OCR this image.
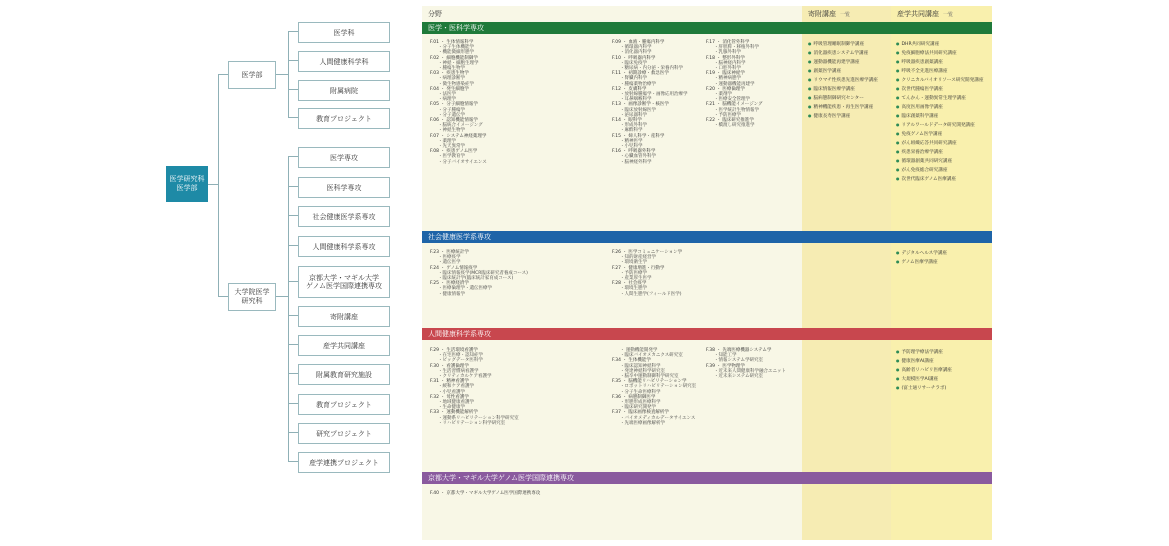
医学研究科
医学部
医学部
大学院医学
研究科
医学科
人間健康科学科
附属病院
教育プロジェクト
医学専攻
医科学専攻
社会健康医学系専攻
人間健康科学系専攻
京都大学・マギル大学
ゲノム医学国際連携専攻
寄附講座
産学共同講座
附属教育研究施設
教育プロジェクト
研究プロジェクト
産学連携プロジェクト
分野	寄附講座 一覧	産学共同講座 一覧
医学・医科学専攻
社会健康医学系専攻
人間健康科学系専攻
京都大学・マギル大学ゲノム医学国際連携専攻
F.01 ・ 生体情報科学
・分子生体機能学
・機能微細形態学
F.02 ・ 細胞機能制御学
・神経・細胞生理学
・腫瘍生物学
F.03 ・ 疾患生物学
・病理診断学
・微生物感染症学
F.04 ・ 発生細胞学
・法医学
・病理学
F.05 ・ 分子細胞情報学
・分子腫瘍学
・分子遺伝学
F.06 ・ 認知機能情報学
・脳統合イメージング
・神経生物学
F.07 ・ システム神経薬理学
・薬理学
・先天異常学
F.08 ・ 疾患ゲノム医学
・医学教育学
・分子バイオサイエンス
F.09 ・ 血液・腫瘍内科学
・循環器内科学
・消化器内科学
F.10 ・ 呼吸器内科学
・臨床免疫学
・糖尿病・内分泌・栄養内科学
F.11 ・ 初期診療・救急医学
・腎臓内科学
・腫瘍薬物治療学
F.12 ・ 皮膚科学
・放射線腫瘍学・画像応用治療学
・耳鼻咽喉科学
F.13 ・ 画像診断学・核医学
・臨床放射線医学
・泌尿器科学
F.14 ・ 眼科学
・形成外科学
・麻酔科学
F.15 ・ 婦人科学・産科学
・精神医学
・小児科学
F.16 ・ 呼吸器外科学
・心臓血管外科学
・脳神経外科学
F.17 ・ 消化管外科学
・肝胆膵・移植外科学
・乳腺外科学
F.18 ・ 整形外科学
・脳神経内科学
・口腔外科学
F.19 ・ 臨床神経学
・精神病態学
・運動器機能再建学
F.20 ・ 医療倫理学
・薬剤学
・医療安全管理学
F.21 ・ 脳機能イメージング
・医学統計生物情報学
・予防医療学
F.22 ・ 臨床研究推進学
・橋渡し研究推進学
● 呼吸管理睡眠制御学講座
● 消化器疾患システム学講座
● 運動器機能再建学講座
● 創薬医学講座
● リウマチ性疾患先進医療学講座
● 臨床情報医療学講座
● 脳病態制御研究センター
● 精神機能疾患・再生医学講座
● 健康長寿医学講座
● DHR共同研究講座
● 免疫細胞療法共同研究講座
● 呼吸器疾患創薬講座
● 呼吸不全先進医療講座
● クリニカルバイオリソース研究開発講座
● 次世代腫瘍医学講座
● てんかん・運動異常生理学講座
● 高度医用画像学講座
● 臨床創薬科学講座
● リアルワールドデータ研究開発講座
● 免疫ゲノム医学講座
● がん組織応答共同研究講座
● 疾患栄養治療学講座
● 循環器創薬共同研究講座
● がん免疫総合研究講座
● 次世代臨床ゲノム医療講座
F.23 ・ 医療統計学
・医療疫学
・遺伝医学
F.24 ・ ゲノム情報疫学
・臨床情報疫学(MCR臨床研究者養成コース)
・臨床統計学(臨床統計家育成コース)
F.25 ・ 医療経済学
・医療倫理学・遺伝医療学
・健康情報学
F.26 ・ 医学コミュニケーション学
・知的財産経営学
・環境衛生学
F.27 ・ 健康増進・行動学
・予防医療学
・産業厚生医学
F.28 ・ 社会疫学
・環境生態学
・人間生態学(フィールド医学)
● デジタルヘルス学講座
● ゲノム医療学講座
F.29 ・ 生活環境看護学
・在宅医療・認知症学
・ビッグデータ医科学
F.30 ・ 看護倫理学
・生活習慣病看護学
・クリティカルケア看護学
F.31 ・ 精神看護学
・緩和ケア看護学
・小児看護学
F.32 ・ 母性看護学
・地域健康看護学
・生命健康学
F.33 ・ 運動機能解析学
・運動系リハビリテーション科学研究室
・リハビリテーション科学研究室
・ 運動機能開発学
・臨床バイオメカニクス研究室
F.34 ・ 生体機能学
・臨床認知神経科学
・発達神経科学研究室
・脳卒中運動制御科学研究室
F.35 ・ 脳機能リハビリテーション学
・ロボットリハビリテーション研究室
・分子生命医療科学
F.36 ・ 病態制御医学
・形態形成医療科学
・臨床研究開発学
F.37 ・ 臨床画像検査解析学
・バイオメディカルデータサイエンス
・先端医療画像解析学
F.38 ・ 先端医療機器システム学
・知能工学
・情報システム学研究室
F.39 ・ 医学物理学
・近未来人間健康科学融合ユニット
・近未来システム研究室
● 予防理学療法学講座
● 健康医療AI講座
● 高齢者リハビリ医療講座
● 大規模医学AI講座
● (富士通リサーチラボ)
F.40 ・ 京都大学・マギル大学ゲノム医学国際連携専攻
